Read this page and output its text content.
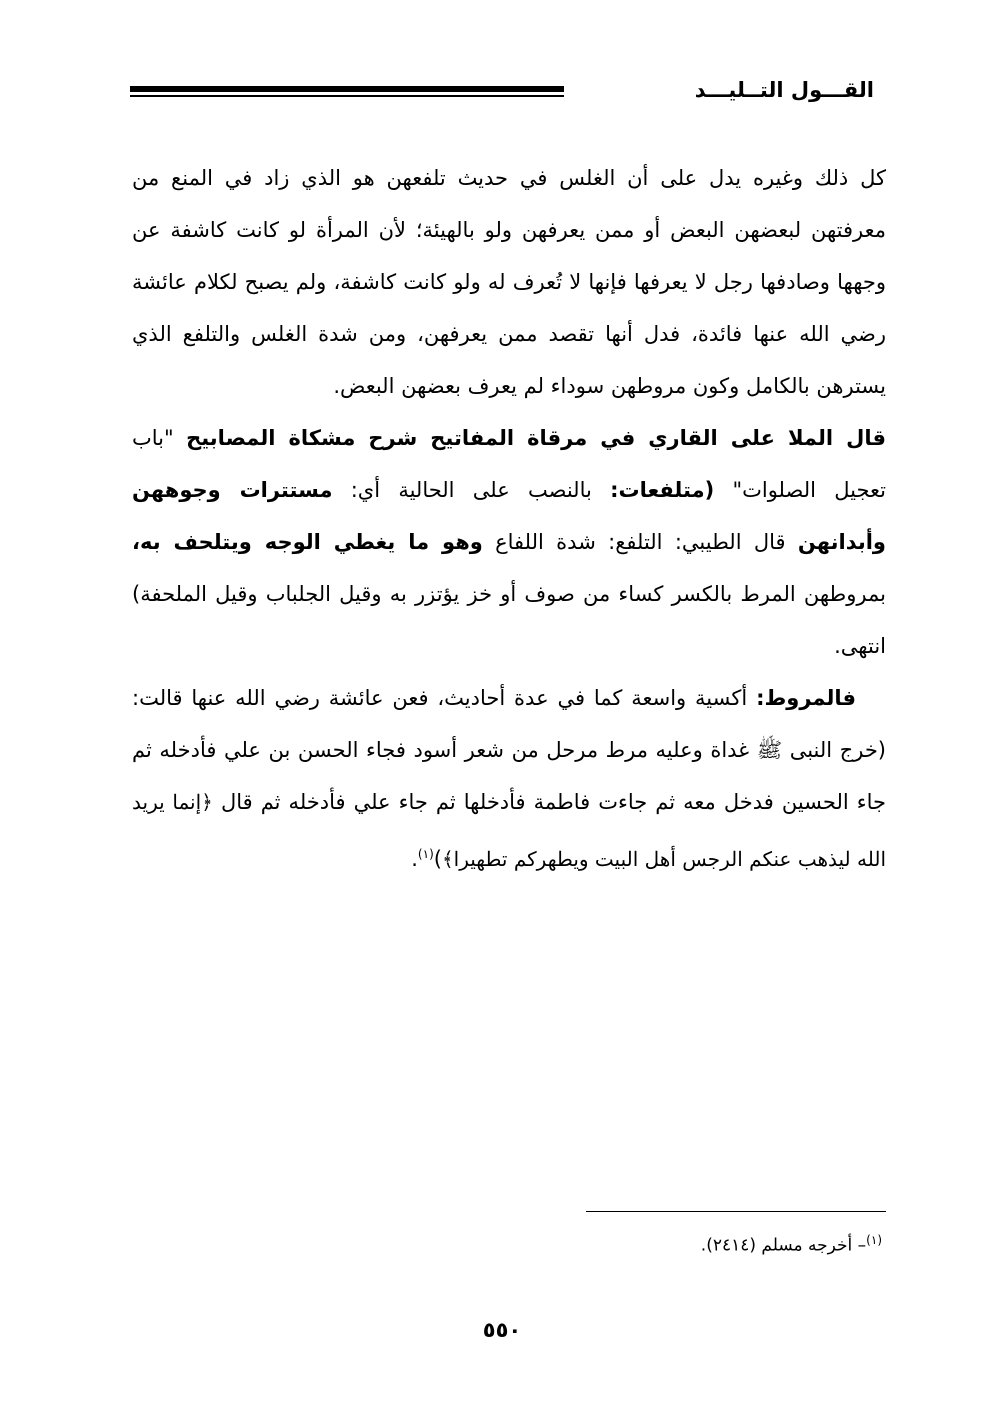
القـــول التــليـــد

كل ذلك وغيره يدل على أن الغلس في حديث تلفعهن هو الذي زاد في المنع من معرفتهن لبعضهن البعض أو ممن يعرفهن ولو بالهيئة؛ لأن المرأة لو كانت كاشفة عن وجهها وصادفها رجل لا يعرفها فإنها لا تُعرف له ولو كانت كاشفة، ولم يصبح لكلام عائشة رضي الله عنها فائدة، فدل أنها تقصد ممن يعرفهن، ومن شدة الغلس والتلفع الذي يسترهن بالكامل وكون مروطهن سوداء لم يعرف بعضهن البعض.

قال الملا على القاري في مرقاة المفاتيح شرح مشكاة المصابيح "باب تعجيل الصلوات" (متلفعات: بالنصب على الحالية أي: مستترات وجوههن وأبدانهن قال الطيبي: التلفع: شدة اللفاع وهو ما يغطي الوجه ويتلحف به، بمروطهن المرط بالكسر كساء من صوف أو خز يؤتزر به وقيل الجلباب وقيل الملحفة) انتهى.

فالمروط: أكسية واسعة كما في عدة أحاديث، فعن عائشة رضي الله عنها قالت: (خرج النبى ﷺ غداة وعليه مرط مرحل من شعر أسود فجاء الحسن بن علي فأدخله ثم جاء الحسين فدخل معه ثم جاءت فاطمة فأدخلها ثم جاء علي فأدخله ثم قال ﴿إنما يريد الله ليذهب عنكم الرجس أهل البيت ويطهركم تطهيرا﴾)$^{(١)}$.

$^{(١)}$– أخرجه مسلم (٢٤١٤).
٥٥٠
